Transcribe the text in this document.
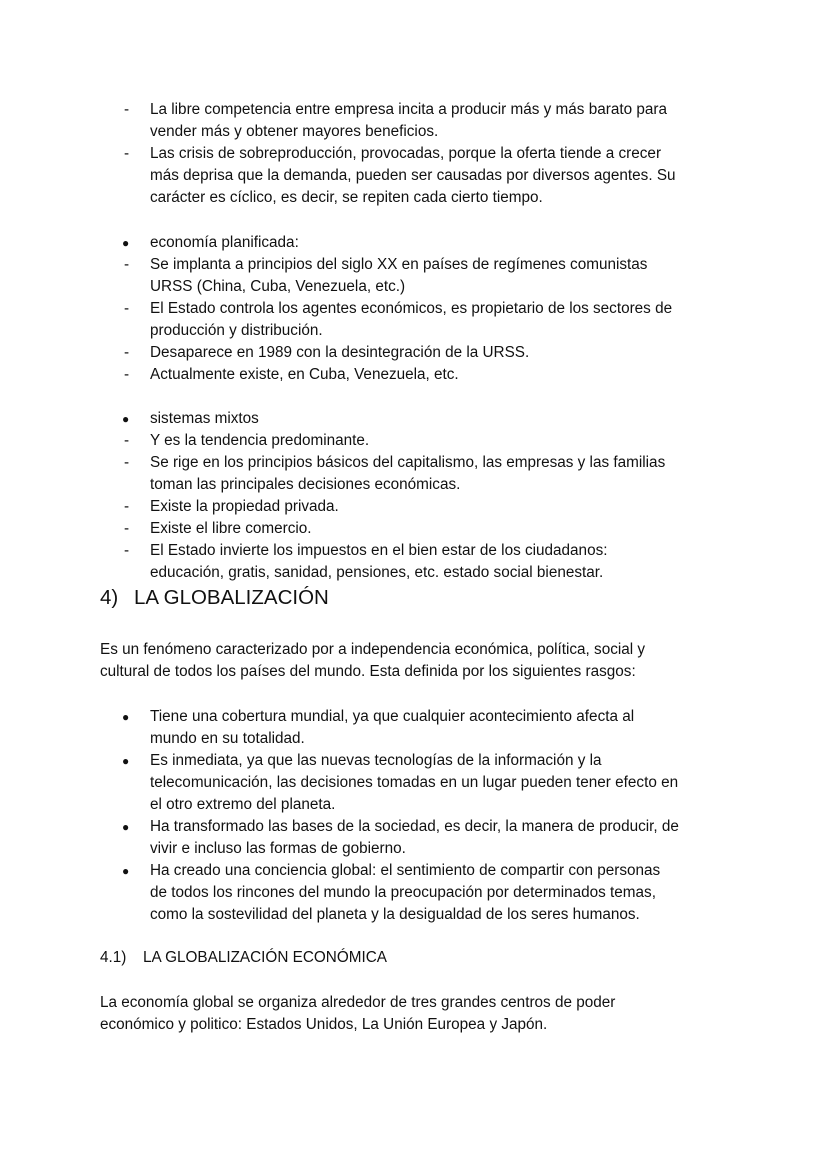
- La libre competencia entre empresa incita a producir más y más barato para
vender más y obtener mayores beneficios.
- Las crisis de sobreproducción, provocadas, porque la oferta tiende a crecer
más deprisa que la demanda, pueden ser causadas por diversos agentes. Su
carácter es cíclico, es decir, se repiten cada cierto tiempo.
● economía planificada:
- Se implanta a principios del siglo XX en países de regímenes comunistas
URSS (China, Cuba, Venezuela, etc.)
- El Estado controla los agentes económicos, es propietario de los sectores de
producción y distribución.
- Desaparece en 1989 con la desintegración de la URSS.
- Actualmente existe, en Cuba, Venezuela, etc.
● sistemas mixtos
- Y es la tendencia predominante.
- Se rige en los principios básicos del capitalismo, las empresas y las familias
toman las principales decisiones económicas.
- Existe la propiedad privada.
- Existe el libre comercio.
- El Estado invierte los impuestos en el bien estar de los ciudadanos:
educación, gratis, sanidad, pensiones, etc. estado social bienestar.
4) LA GLOBALIZACIÓN
Es un fenómeno caracterizado por a independencia económica, política, social y
cultural de todos los países del mundo. Esta definida por los siguientes rasgos:
● Tiene una cobertura mundial, ya que cualquier acontecimiento afecta al
mundo en su totalidad.
● Es inmediata, ya que las nuevas tecnologías de la información y la
telecomunicación, las decisiones tomadas en un lugar pueden tener efecto en
el otro extremo del planeta.
● Ha transformado las bases de la sociedad, es decir, la manera de producir, de
vivir e incluso las formas de gobierno.
● Ha creado una conciencia global: el sentimiento de compartir con personas
de todos los rincones del mundo la preocupación por determinados temas,
como la sostevilidad del planeta y la desigualdad de los seres humanos.
4.1) LA GLOBALIZACIÓN ECONÓMICA
La economía global se organiza alrededor de tres grandes centros de poder
económico y politico: Estados Unidos, La Unión Europea y Japón.
